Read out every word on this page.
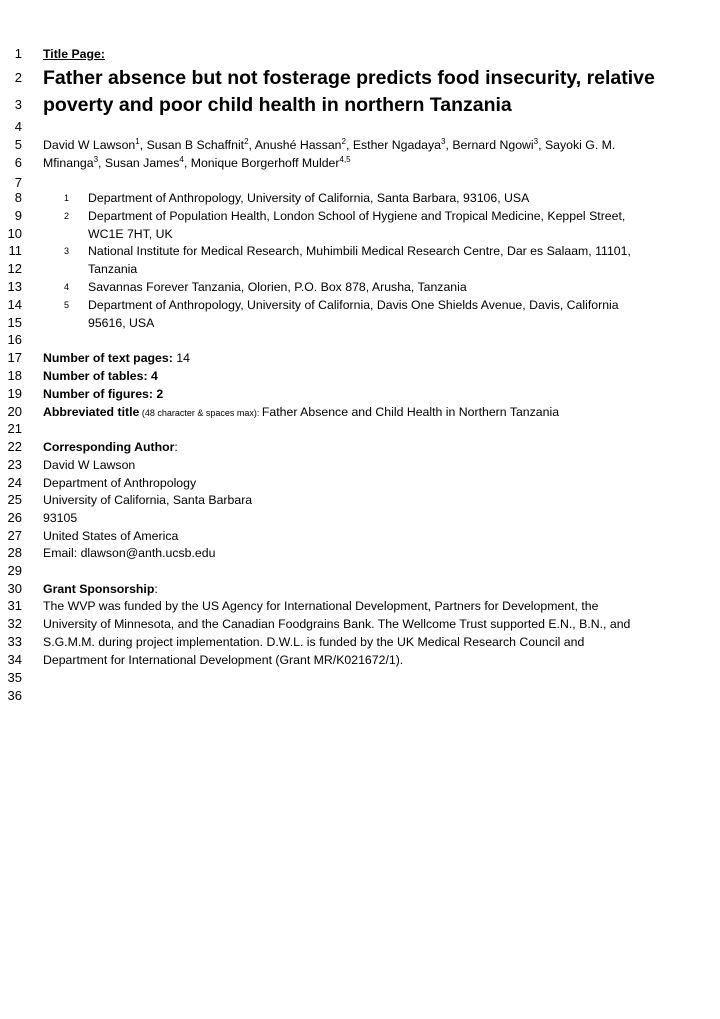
1
2
3
4
5
6
7
8
9
10
11
12
13
14
15
16
17
18
19
20
21
22
23
24
25
26
27
28
29
30
31
32
33
34
35
36
Title Page:
Father absence but not fosterage predicts food insecurity, relative
poverty and poor child health in northern Tanzania
David W Lawson$^1$, Susan B Schaffnit$^2$, Anushé Hassan$^2$, Esther Ngadaya$^3$, Bernard Ngowi$^3$, Sayoki G. M.
Mfinanga$^3$, Susan James$^4$, Monique Borgerhoff Mulder$^{4,5}$
1 Department of Anthropology, University of California, Santa Barbara, 93106, USA
2 Department of Population Health, London School of Hygiene and Tropical Medicine, Keppel Street,
WC1E 7HT, UK
3 National Institute for Medical Research, Muhimbili Medical Research Centre, Dar es Salaam, 11101,
Tanzania
4 Savannas Forever Tanzania, Olorien, P.O. Box 878, Arusha, Tanzania
5 Department of Anthropology, University of California, Davis One Shields Avenue, Davis, California
95616, USA
Number of text pages: 14
Number of tables: 4
Number of figures: 2
Abbreviated title (48 character & spaces max): Father Absence and Child Health in Northern Tanzania
Corresponding Author:
David W Lawson
Department of Anthropology
University of California, Santa Barbara
93105
United States of America
Email: dlawson@anth.ucsb.edu
Grant Sponsorship:
The WVP was funded by the US Agency for International Development, Partners for Development, the
University of Minnesota, and the Canadian Foodgrains Bank. The Wellcome Trust supported E.N., B.N., and
S.G.M.M. during project implementation. D.W.L. is funded by the UK Medical Research Council and
Department for International Development (Grant MR/K021672/1).
